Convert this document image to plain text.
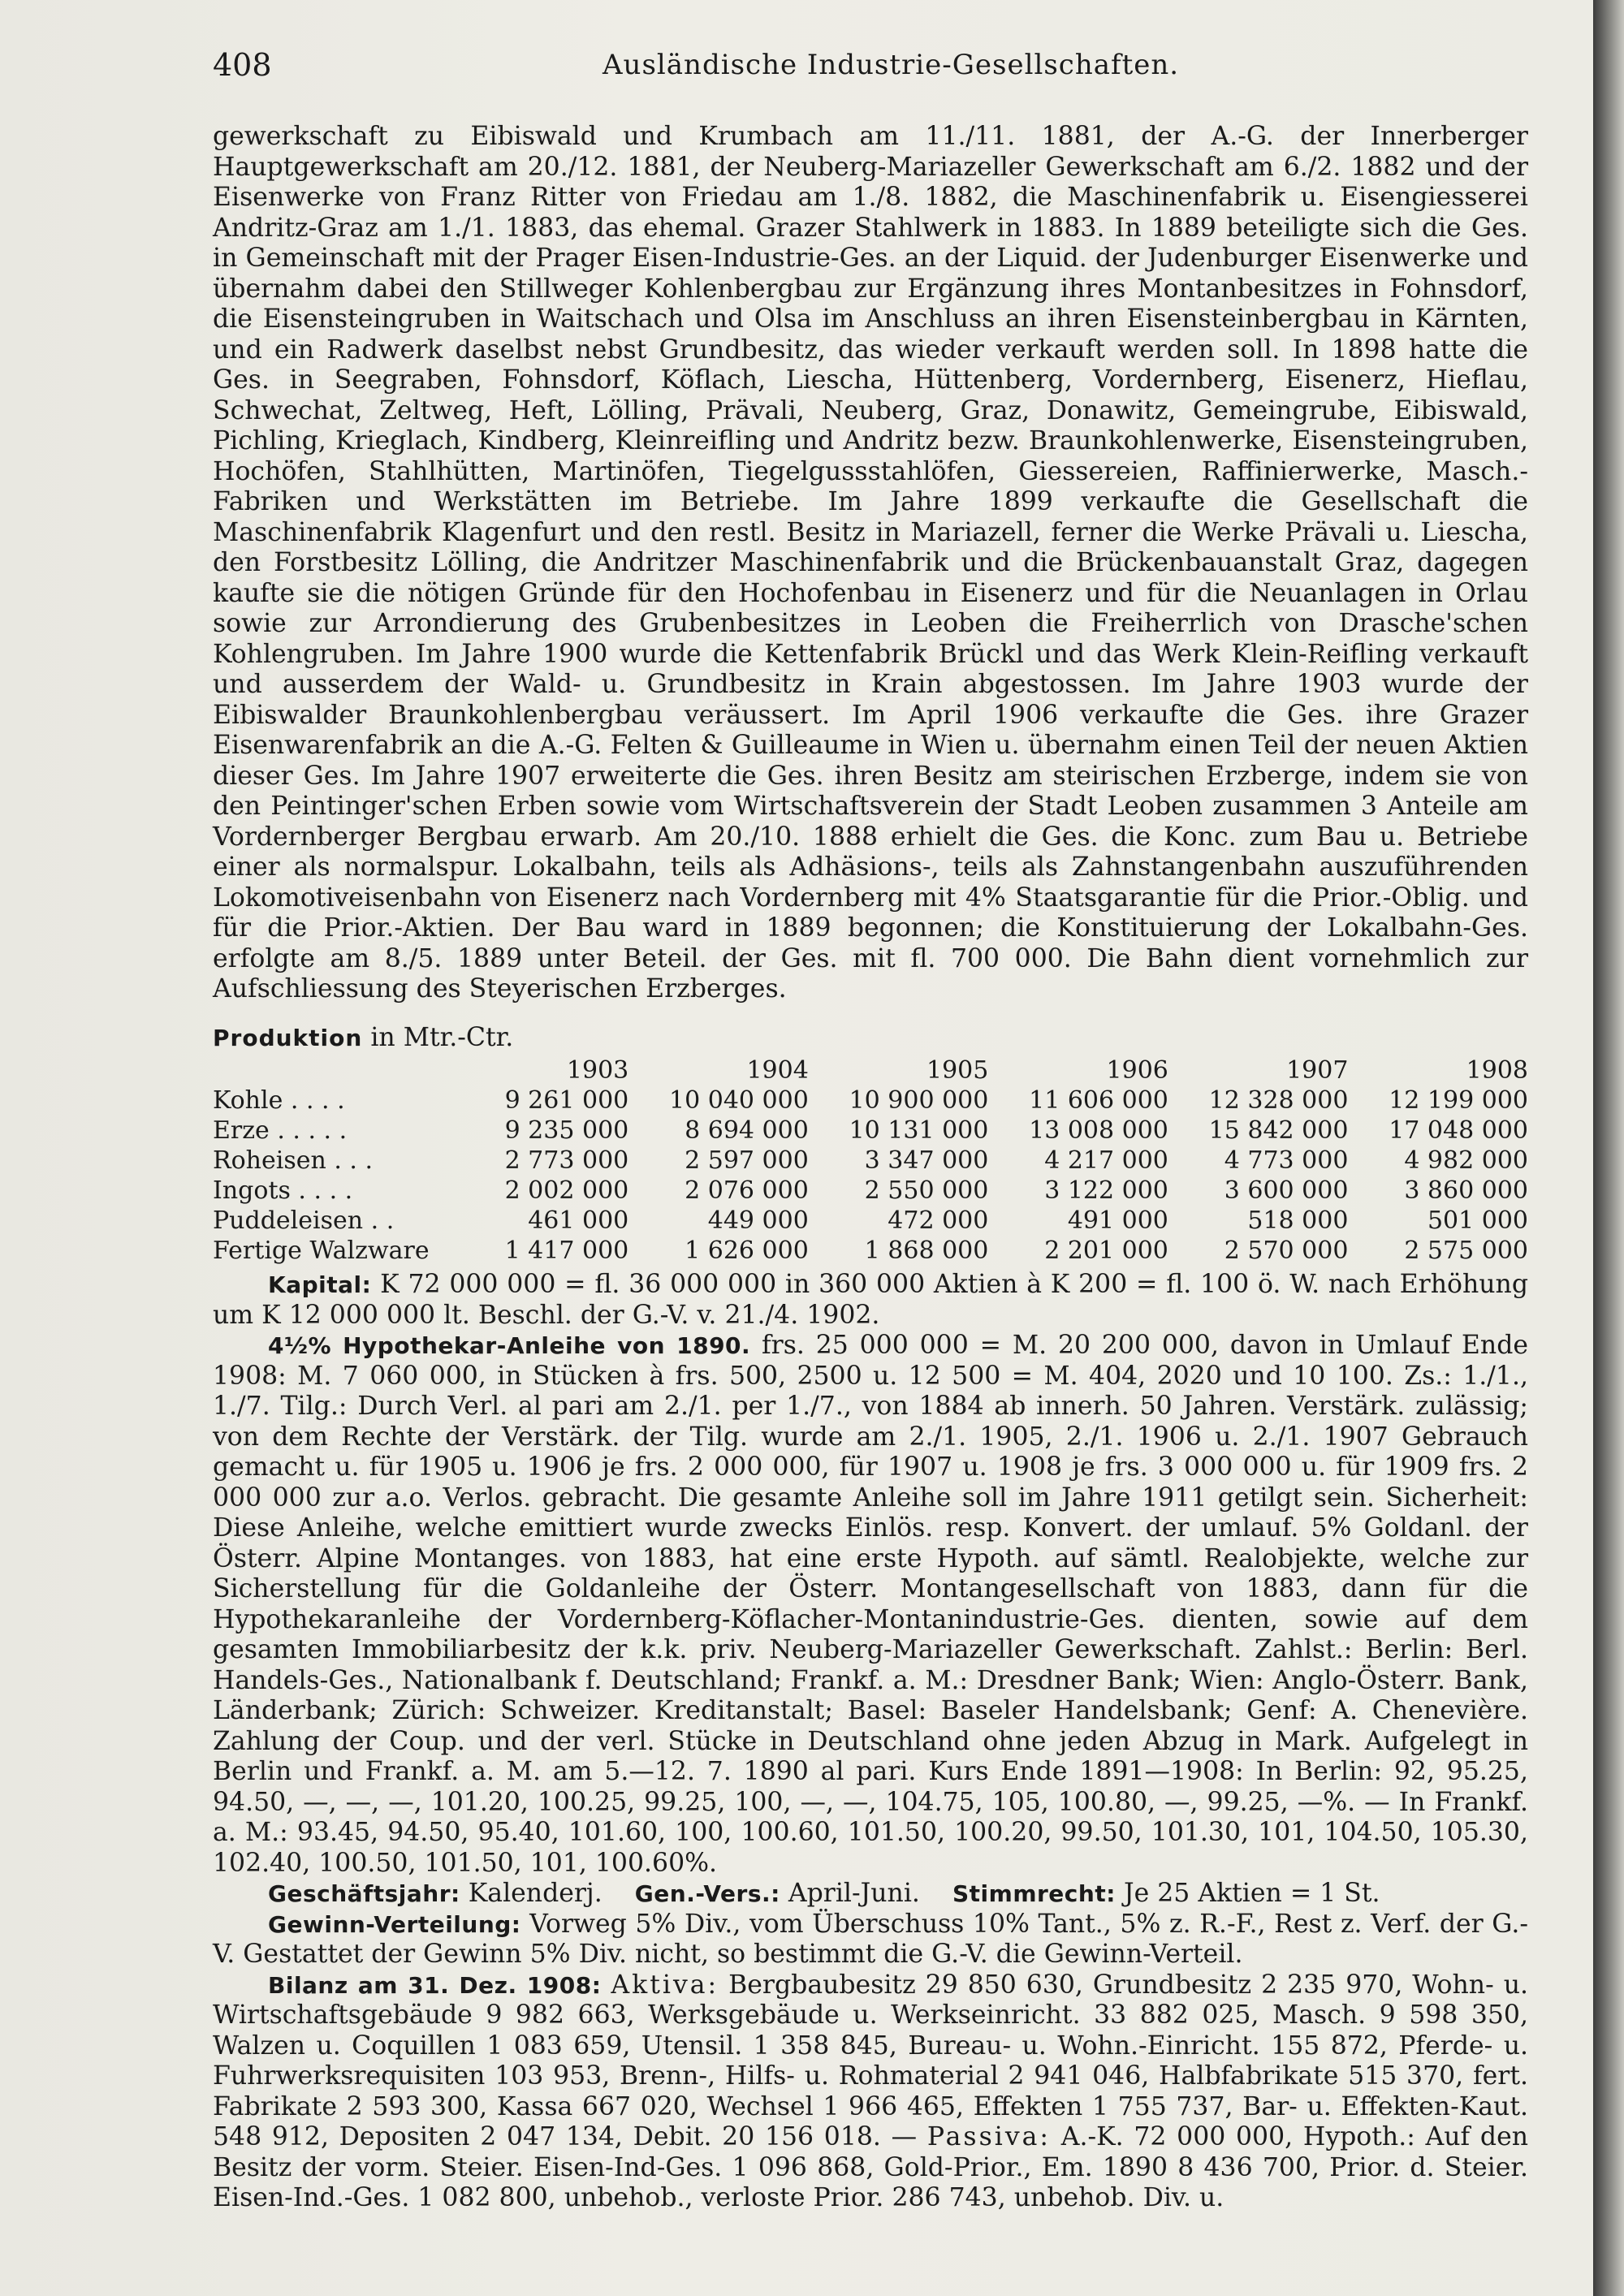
408	Ausländische Industrie-Gesellschaften.

gewerkschaft zu Eibiswald und Krumbach am 11./11. 1881, der A.-G. der Innerberger Hauptgewerkschaft am 20./12. 1881, der Neuberg-Mariazeller Gewerkschaft am 6./2. 1882 und der Eisenwerke von Franz Ritter von Friedau am 1./8. 1882, die Maschinenfabrik u. Eisengiesserei Andritz-Graz am 1./1. 1883, das ehemal. Grazer Stahlwerk in 1883. In 1889 beteiligte sich die Ges. in Gemeinschaft mit der Prager Eisen-Industrie-Ges. an der Liquid. der Judenburger Eisenwerke und übernahm dabei den Stillweger Kohlenbergbau zur Ergänzung ihres Montanbesitzes in Fohnsdorf, die Eisensteingruben in Waitschach und Olsa im Anschluss an ihren Eisensteinbergbau in Kärnten, und ein Radwerk daselbst nebst Grundbesitz, das wieder verkauft werden soll. In 1898 hatte die Ges. in Seegraben, Fohnsdorf, Köflach, Liescha, Hüttenberg, Vordernberg, Eisenerz, Hieflau, Schwechat, Zeltweg, Heft, Lölling, Prävali, Neuberg, Graz, Donawitz, Gemeingrube, Eibiswald, Pichling, Krieglach, Kindberg, Kleinreifling und Andritz bezw. Braunkohlenwerke, Eisensteingruben, Hochöfen, Stahlhütten, Martinöfen, Tiegelgussstahlöfen, Giessereien, Raffinierwerke, Masch.-Fabriken und Werkstätten im Betriebe. Im Jahre 1899 verkaufte die Gesellschaft die Maschinenfabrik Klagenfurt und den restl. Besitz in Mariazell, ferner die Werke Prävali u. Liescha, den Forstbesitz Lölling, die Andritzer Maschinenfabrik und die Brückenbauanstalt Graz, dagegen kaufte sie die nötigen Gründe für den Hochofenbau in Eisenerz und für die Neuanlagen in Orlau sowie zur Arrondierung des Grubenbesitzes in Leoben die Freiherrlich von Drasche'schen Kohlengruben. Im Jahre 1900 wurde die Kettenfabrik Brückl und das Werk Klein-Reifling verkauft und ausserdem der Wald- u. Grundbesitz in Krain abgestossen. Im Jahre 1903 wurde der Eibiswalder Braunkohlenbergbau veräussert. Im April 1906 verkaufte die Ges. ihre Grazer Eisenwarenfabrik an die A.-G. Felten & Guilleaume in Wien u. übernahm einen Teil der neuen Aktien dieser Ges. Im Jahre 1907 erweiterte die Ges. ihren Besitz am steirischen Erzberge, indem sie von den Peintinger'schen Erben sowie vom Wirtschaftsverein der Stadt Leoben zusammen 3 Anteile am Vordernberger Bergbau erwarb. Am 20./10. 1888 erhielt die Ges. die Konc. zum Bau u. Betriebe einer als normalspur. Lokalbahn, teils als Adhäsions-, teils als Zahnstangenbahn auszuführenden Lokomotiveisenbahn von Eisenerz nach Vordernberg mit 4% Staatsgarantie für die Prior.-Oblig. und für die Prior.-Aktien. Der Bau ward in 1889 begonnen; die Konstituierung der Lokalbahn-Ges. erfolgte am 8./5. 1889 unter Beteil. der Ges. mit fl. 700 000. Die Bahn dient vornehmlich zur Aufschliessung des Steyerischen Erzberges.

Produktion in Mtr.-Ctr.
	1903	1904	1905	1906	1907	1908
Kohle . . . .	9 261 000	10 040 000	10 900 000	11 606 000	12 328 000	12 199 000
Erze . . . . .	9 235 000	8 694 000	10 131 000	13 008 000	15 842 000	17 048 000
Roheisen . . .	2 773 000	2 597 000	3 347 000	4 217 000	4 773 000	4 982 000
Ingots . . . .	2 002 000	2 076 000	2 550 000	3 122 000	3 600 000	3 860 000
Puddeleisen . .	461 000	449 000	472 000	491 000	518 000	501 000
Fertige Walzware	1 417 000	1 626 000	1 868 000	2 201 000	2 570 000	2 575 000

Kapital: K 72 000 000 = fl. 36 000 000 in 360 000 Aktien à K 200 = fl. 100 ö. W. nach Erhöhung um K 12 000 000 lt. Beschl. der G.-V. v. 21./4. 1902.

4½% Hypothekar-Anleihe von 1890. frs. 25 000 000 = M. 20 200 000, davon in Umlauf Ende 1908: M. 7 060 000, in Stücken à frs. 500, 2500 u. 12 500 = M. 404, 2020 und 10 100. Zs.: 1./1., 1./7. Tilg.: Durch Verl. al pari am 2./1. per 1./7., von 1884 ab innerh. 50 Jahren. Verstärk. zulässig; von dem Rechte der Verstärk. der Tilg. wurde am 2./1. 1905, 2./1. 1906 u. 2./1. 1907 Gebrauch gemacht u. für 1905 u. 1906 je frs. 2 000 000, für 1907 u. 1908 je frs. 3 000 000 u. für 1909 frs. 2 000 000 zur a.o. Verlos. gebracht. Die gesamte Anleihe soll im Jahre 1911 getilgt sein. Sicherheit: Diese Anleihe, welche emittiert wurde zwecks Einlös. resp. Konvert. der umlauf. 5% Goldanl. der Österr. Alpine Montanges. von 1883, hat eine erste Hypoth. auf sämtl. Realobjekte, welche zur Sicherstellung für die Goldanleihe der Österr. Montangesellschaft von 1883, dann für die Hypothekaranleihe der Vordernberg-Köflacher-Montanindustrie-Ges. dienten, sowie auf dem gesamten Immobiliarbesitz der k.k. priv. Neuberg-Mariazeller Gewerkschaft. Zahlst.: Berlin: Berl. Handels-Ges., Nationalbank f. Deutschland; Frankf. a. M.: Dresdner Bank; Wien: Anglo-Österr. Bank, Länderbank; Zürich: Schweizer. Kreditanstalt; Basel: Baseler Handelsbank; Genf: A. Chenevière. Zahlung der Coup. und der verl. Stücke in Deutschland ohne jeden Abzug in Mark. Aufgelegt in Berlin und Frankf. a. M. am 5.—12. 7. 1890 al pari. Kurs Ende 1891—1908: In Berlin: 92, 95.25, 94.50, —, —, —, 101.20, 100.25, 99.25, 100, —, —, 104.75, 105, 100.80, —, 99.25, —%. — In Frankf. a. M.: 93.45, 94.50, 95.40, 101.60, 100, 100.60, 101.50, 100.20, 99.50, 101.30, 101, 104.50, 105.30, 102.40, 100.50, 101.50, 101, 100.60%.

Geschäftsjahr: Kalenderj. Gen.-Vers.: April-Juni. Stimmrecht: Je 25 Aktien = 1 St.

Gewinn-Verteilung: Vorweg 5% Div., vom Überschuss 10% Tant., 5% z. R.-F., Rest z. Verf. der G.-V. Gestattet der Gewinn 5% Div. nicht, so bestimmt die G.-V. die Gewinn-Verteil.

Bilanz am 31. Dez. 1908: Aktiva: Bergbaubesitz 29 850 630, Grundbesitz 2 235 970, Wohn- u. Wirtschaftsgebäude 9 982 663, Werksgebäude u. Werkseinricht. 33 882 025, Masch. 9 598 350, Walzen u. Coquillen 1 083 659, Utensil. 1 358 845, Bureau- u. Wohn.-Einricht. 155 872, Pferde- u. Fuhrwerksrequisiten 103 953, Brenn-, Hilfs- u. Rohmaterial 2 941 046, Halbfabrikate 515 370, fert. Fabrikate 2 593 300, Kassa 667 020, Wechsel 1 966 465, Effekten 1 755 737, Bar- u. Effekten-Kaut. 548 912, Depositen 2 047 134, Debit. 20 156 018. — Passiva: A.-K. 72 000 000, Hypoth.: Auf den Besitz der vorm. Steier. Eisen-Ind-Ges. 1 096 868, Gold-Prior., Em. 1890 8 436 700, Prior. d. Steier. Eisen-Ind.-Ges. 1 082 800, unbehob., verloste Prior. 286 743, unbehob. Div. u.
